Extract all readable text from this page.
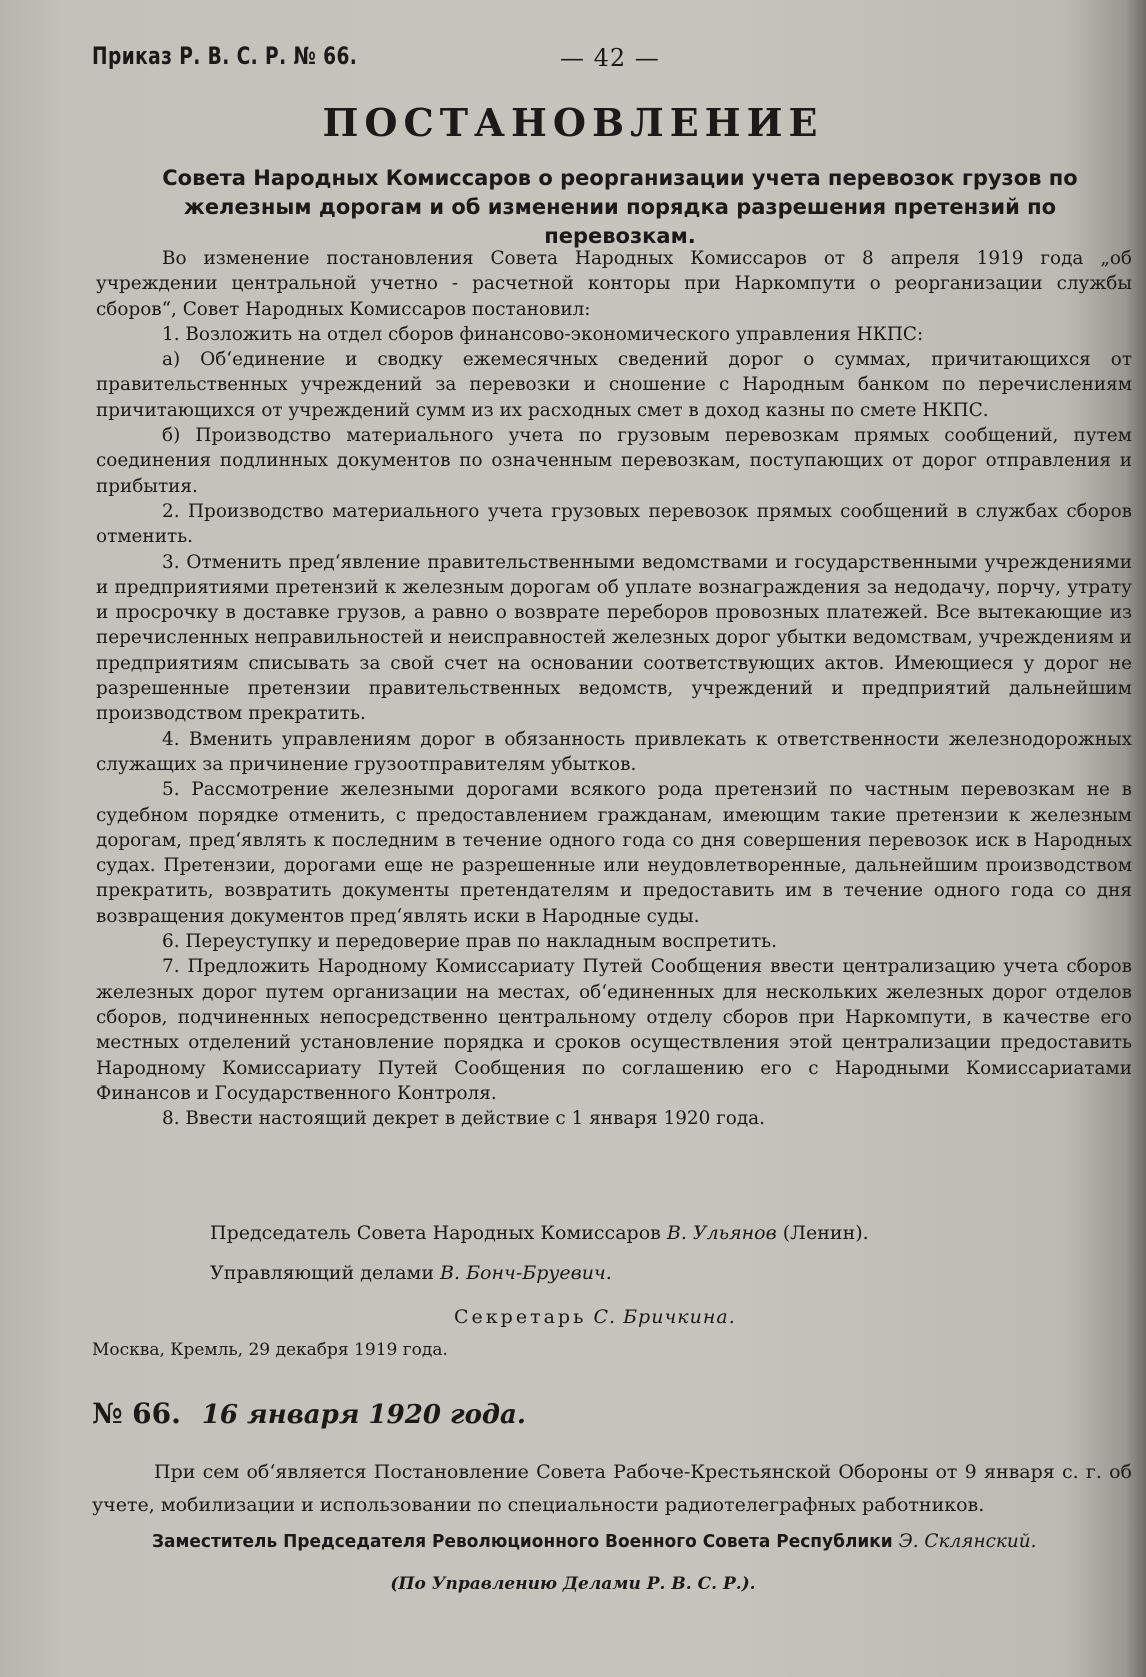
Приказ Р. В. С. Р. № 66.	— 42 —
ПОСТАНОВЛЕНИЕ
Совета Народных Комиссаров о реорганизации учета перевозок грузов по железным дорогам и об изменении порядка разрешения претензий по перевозкам.

Во изменение постановления Совета Народных Комиссаров от 8 апреля 1919 года „об учреждении центральной учетно - расчетной конторы при Наркомпути о реорганизации службы сборов“, Совет Народных Комиссаров постановил:

1. Возложить на отдел сборов финансово-экономического управления НКПС:

а) Об‘единение и сводку ежемесячных сведений дорог о суммах, причитающихся от правительственных учреждений за перевозки и сношение с Народным банком по перечислениям причитающихся от учреждений сумм из их расходных смет в доход казны по смете НКПС.

б) Производство материального учета по грузовым перевозкам прямых сообщений, путем соединения подлинных документов по означенным перевозкам, поступающих от дорог отправления и прибытия.

2. Производство материального учета грузовых перевозок прямых сообщений в службах сборов отменить.

3. Отменить пред‘явление правительственными ведомствами и государственными учреждениями и предприятиями претензий к железным дорогам об уплате вознаграждения за недодачу, порчу, утрату и просрочку в доставке грузов, а равно о возврате переборов провозных платежей. Все вытекающие из перечисленных неправильностей и неисправностей железных дорог убытки ведомствам, учреждениям и предприятиям списывать за свой счет на основании соответствующих актов. Имеющиеся у дорог не разрешенные претензии правительственных ведомств, учреждений и предприятий дальнейшим производством прекратить.

4. Вменить управлениям дорог в обязанность привлекать к ответственности железнодорожных служащих за причинение грузоотправителям убытков.

5. Рассмотрение железными дорогами всякого рода претензий по частным перевозкам не в судебном порядке отменить, с предоставлением гражданам, имеющим такие претензии к железным дорогам, пред‘являть к последним в течение одного года со дня совершения перевозок иск в Народных судах. Претензии, дорогами еще не разрешенные или неудовлетворенные, дальнейшим производством прекратить, возвратить документы претендателям и предоставить им в течение одного года со дня возвращения документов пред‘являть иски в Народные суды.

6. Переуступку и передоверие прав по накладным воспретить.

7. Предложить Народному Комиссариату Путей Сообщения ввести централизацию учета сборов железных дорог путем организации на местах, об‘единенных для нескольких железных дорог отделов сборов, подчиненных непосредственно центральному отделу сборов при Наркомпути, в качестве его местных отделений установление порядка и сроков осуществления этой централизации предоставить Народному Комиссариату Путей Сообщения по соглашению его с Народными Комиссариатами Финансов и Государственного Контроля.

8. Ввести настоящий декрет в действие с 1 января 1920 года.

Председатель Совета Народных Комиссаров В. Ульянов (Ленин).
Управляющий делами В. Бонч-Бруевич.
Секретарь С. Бричкина.
Москва, Кремль, 29 декабря 1919 года.
№ 66. 16 января 1920 года.

При сем об‘является Постановление Совета Рабоче-Крестьянской Обороны от 9 января с. г. об учете, мобилизации и использовании по специальности радиотелеграфных работников.

Заместитель Председателя Революционного Военного Совета Республики Э. Склянский.
(По Управлению Делами Р. В. С. Р.).
